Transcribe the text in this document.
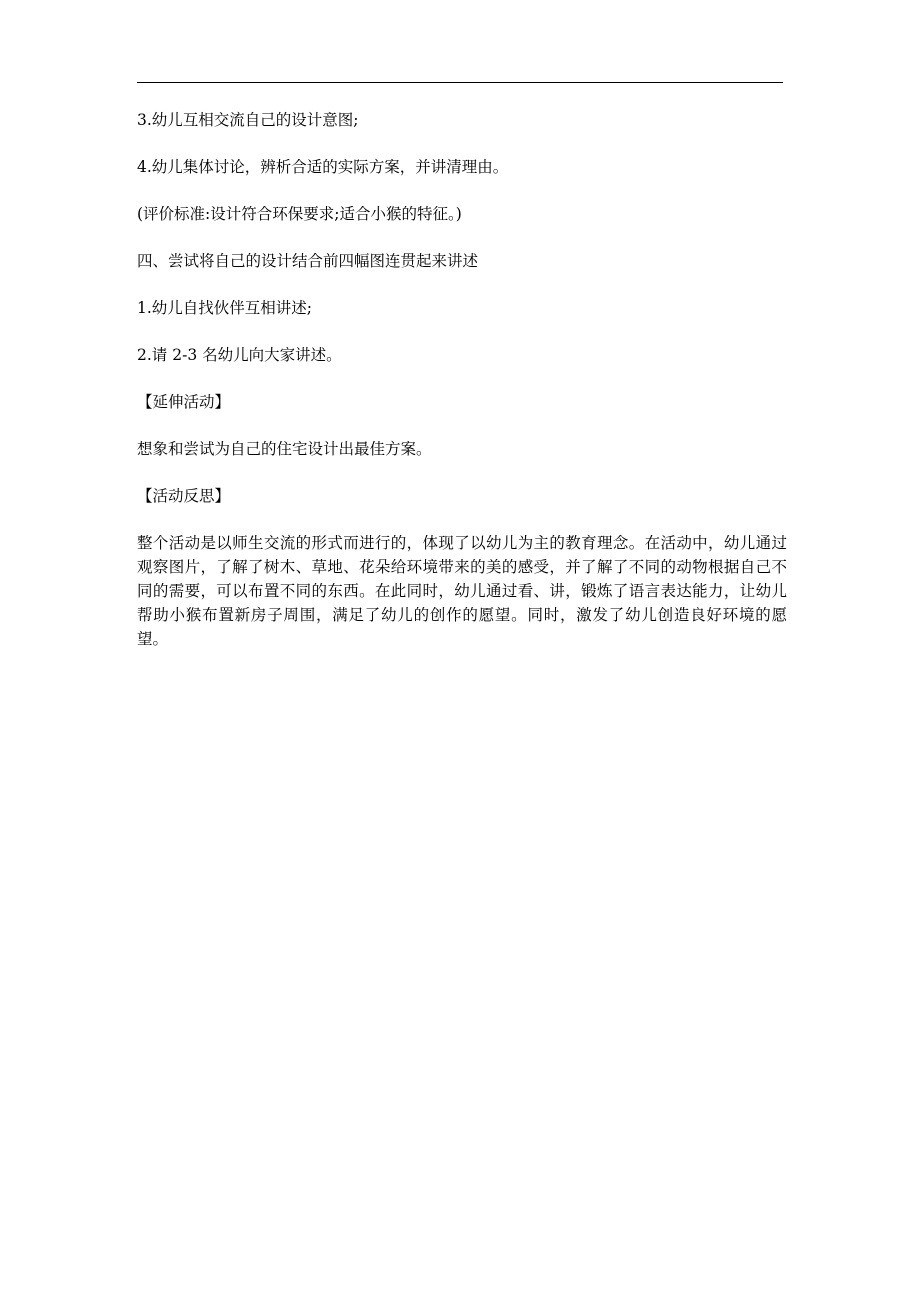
3.幼儿互相交流自己的设计意图;

4.幼儿集体讨论，辨析合适的实际方案，并讲清理由。

(评价标准:设计符合环保要求;适合小猴的特征。)

四、尝试将自己的设计结合前四幅图连贯起来讲述

1.幼儿自找伙伴互相讲述;

2.请 2-3 名幼儿向大家讲述。

【延伸活动】

想象和尝试为自己的住宅设计出最佳方案。

【活动反思】

整个活动是以师生交流的形式而进行的，体现了以幼儿为主的教育理念。在活动中，幼儿通过观察图片，了解了树木、草地、花朵给环境带来的美的感受，并了解了不同的动物根据自己不同的需要，可以布置不同的东西。在此同时，幼儿通过看、讲，锻炼了语言表达能力，让幼儿帮助小猴布置新房子周围，满足了幼儿的创作的愿望。同时，激发了幼儿创造良好环境的愿望。
